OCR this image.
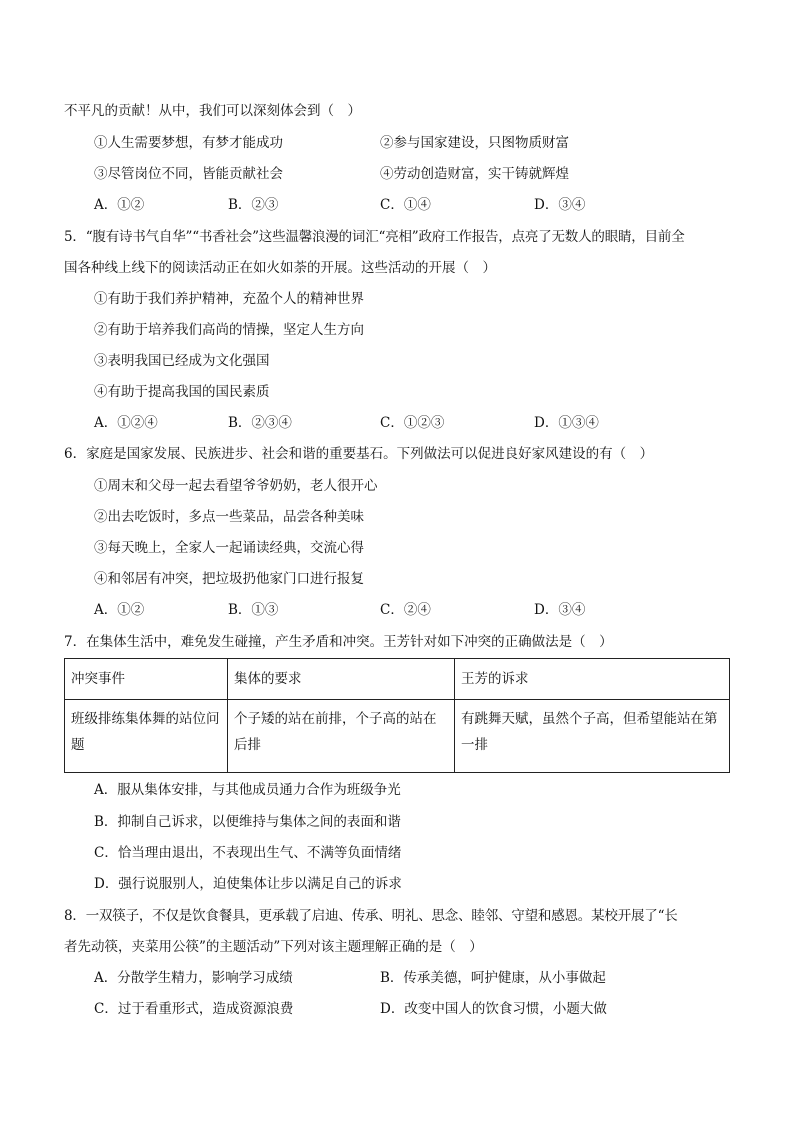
不平凡的贡献！从中，我们可以深刻体会到（　）
①人生需要梦想，有梦才能成功	②参与国家建设，只图物质财富
③尽管岗位不同，皆能贡献社会	④劳动创造财富，实干铸就辉煌
A．①②	B．②③	C．①④	D．③④
5．“腹有诗书气自华”“书香社会”这些温馨浪漫的词汇“亮相”政府工作报告，点亮了无数人的眼睛，目前全
国各种线上线下的阅读活动正在如火如荼的开展。这些活动的开展（　）
①有助于我们养护精神，充盈个人的精神世界
②有助于培养我们高尚的情操，坚定人生方向
③表明我国已经成为文化强国
④有助于提高我国的国民素质
A．①②④	B．②③④	C．①②③	D．①③④
6．家庭是国家发展、民族进步、社会和谐的重要基石。下列做法可以促进良好家风建设的有（　）
①周末和父母一起去看望爷爷奶奶，老人很开心
②出去吃饭时，多点一些菜品，品尝各种美味
③每天晚上，全家人一起诵读经典，交流心得
④和邻居有冲突，把垃圾扔他家门口进行报复
A．①②	B．①③	C．②④	D．③④
7．在集体生活中，难免发生碰撞，产生矛盾和冲突。王芳针对如下冲突的正确做法是（　）
冲突事件	集体的要求	王芳的诉求
班级排练集体舞的站位问题	个子矮的站在前排，个子高的站在后排	有跳舞天赋，虽然个子高，但希望能站在第一排
A．服从集体安排，与其他成员通力合作为班级争光
B．抑制自己诉求，以便维持与集体之间的表面和谐
C．恰当理由退出，不表现出生气、不满等负面情绪
D．强行说服别人，迫使集体让步以满足自己的诉求
8．一双筷子，不仅是饮食餐具，更承载了启迪、传承、明礼、思念、睦邻、守望和感恩。某校开展了“长
者先动筷，夹菜用公筷”的主题活动”下列对该主题理解正确的是（　）
A．分散学生精力，影响学习成绩	B．传承美德，呵护健康，从小事做起
C．过于看重形式，造成资源浪费	D．改变中国人的饮食习惯，小题大做
